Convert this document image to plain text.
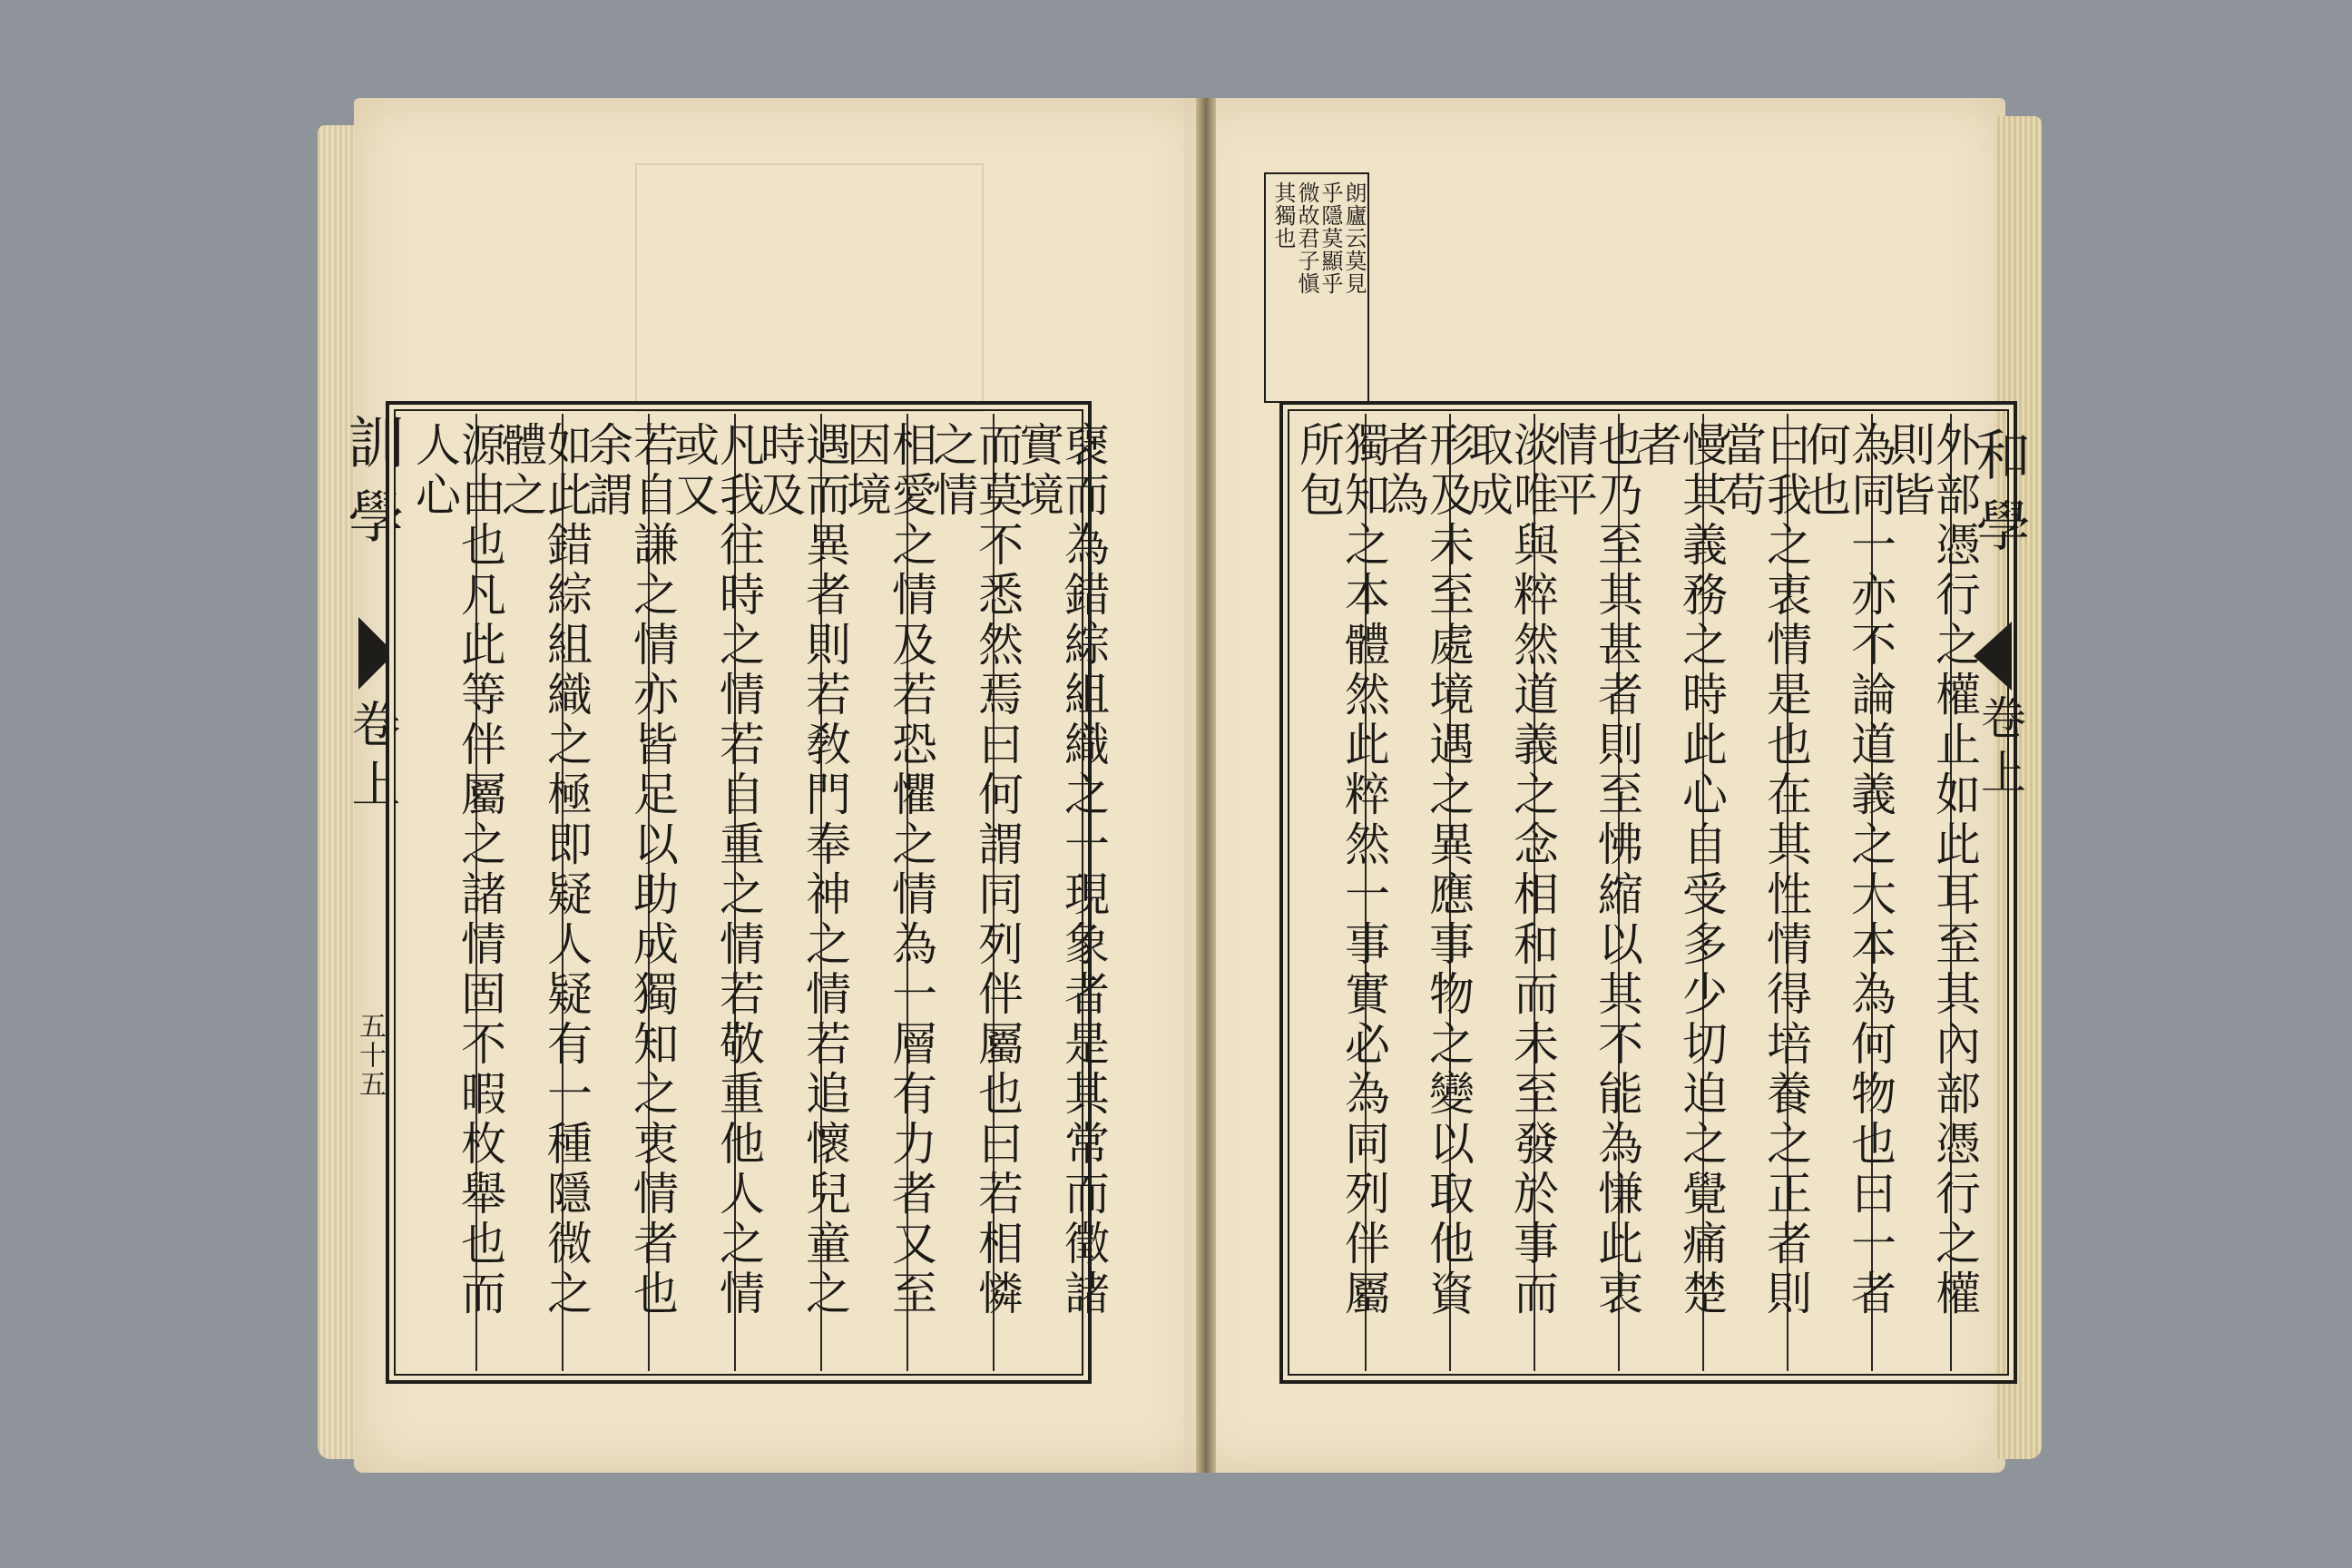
訓學
卷上
五十五	襃而為錯綜組織之一現象者是其常而徵諸實境
而莫不悉然焉曰何謂同列伴屬也曰若相憐之情
相愛之情及若恐懼之情為一層有力者又至因境
遇而異者則若敎門奉神之情若追懷兒童之時及
凡我往時之情若自重之情若敬重他人之情或又
若自謙之情亦皆足以助成獨知之衷情者也余謂
如此錯綜組織之極即疑人疑有一種隱微之體之
源由也凡此等伴屬之諸情固不暇枚舉也而人心
朗廬云莫見
乎隱莫顯乎
微故君子愼
其獨也
外部憑行之權止如此耳至其內部憑行之權則皆
為同一亦不論道義之大本為何物也曰一者何也
曰我之衷情是也在其性情得培養之正者則當苟
慢其義務之時此心自受多少切迫之覺痛楚者
也乃至其甚者則至怫縮以其不能為慊此衷情平
淡唯與粹然道義之念相和而未至發於事而取成
形及未至處境遇之異應事物之變以取他資者為
獨知之本體然此粹然一事實必為同列伴屬所包	和學
卷上
